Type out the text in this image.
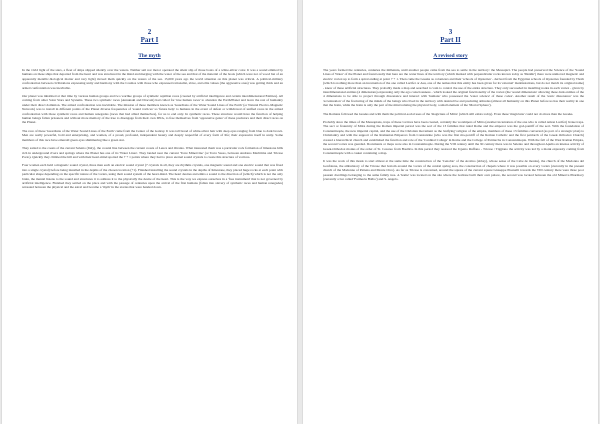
2
Part I
The myth

In the vivid light of the stars, a fleet of ships slipped silently over the waters. Neither sail nor motor operated the silent slip of those boats of a white-silver color. It was a sound emitted by humans on these ships that departed from the heart and was structured in the mind and merging with the water of the sea and that of the material of the boats (which were not of wood but of an apparently metallic-biological matter and very light) moved them quickly on the waters of the sea. 15,000 years ago the world situation on this planet was critical. A political-military confrontation between civilizations expressing unity and harmony with the Cosmos with those who expressed rationalist, slave, and elite values (the aggressive ones) was getting thick and an armed confrontation was inevitable.

Our planet was inhabited at that time by various human groups and two warlike groups of synthetic reptilian races (created by artificial intelligence and certain interdimensional Entities). All coming from other Solar Stars and Systems. These two synthetic races (Annunaki and Draconi) had called for 'true human races' to abandon the Earth/Planet and leave the rest of humanity under their direct dominion. The armed confrontation was inevitable. The mission of these members known as 'Guardians of the Water Sound Lines of the Earth' (or Natural Electro-Magnetic Network) was to install in different points of the Planet diverse frequencies of 'sound vortices' so 'future help' to humans in the event of defeat or withdrawal of unified races in the armed confrontation with those synthetic races and human renegades (races that had allied themselves), for us to end only. In synthetic races. These structure would have the function of helping human beings fallen prisoners and without more memory of the true to disengage from their own DNA, to free themselves from 'oppressive genre' of these predators and their direct races on the Planet.

The race of these 'Guardians of the Water Sound Lines of the Earth' came from the Center of the Galaxy. It was tall bread of white-silver hair with deep eyes ranging from blue to dark brown. Men are really powerful, bold and enterprising, and women, of a proud, profound, independent beauty and deeply respectful of every form of life; their expressive itself in unity. Some members of this race have emerald green eyes shimmering like a green star.

They sailed to the coasts of the current Salento (Italy), the coastal line between the current coasts of Leuca and Otranto. What interested them was a particular rock formation of limestone hills rich in underground rivers and springs where the Planet has one of its 'Water Lines'. They landed near the current 'Torre Minervino' (or Torre Sasso, between Andrano Marittima and Tricase Porto). Quickly they climbed the hill and with their heart-mind spotted the 7 + 1 points where they had to place eternal sound crystals to create this structure of vortices.

Four women each held a magnetic sound crystal, three men each an electric sound crystal (7 crystals in all, they are rhythms crystals, one magnetic sound and one electric sound that was fixed into a single crystal) before being installed in the depths of the chosen location (+1). Finished installing the sound crystals in the depths of limestone, they placed huge rocks at each point with particular shape depending on the specific nature of the vortex, using their sound system of the heart-mind. The heart desires and emits a sound to the direction of (which) which is not the only brain, the mental listens to the sound and structures it to address it to the physically the desire of the heart. This is the way we express ourselves in a 'free instrument' that is not governed by artificial intelligence. Finished they settled on the place and with the passage of centuries upon the arrival of the first humans (fallen into slavery of synthetic races and human renegades) retreated between the physical and the astral and became a 'myth' in the stories that were handed down.

3
Part II
A revised story

The years formed the centuries, centuries the millennia, until another people came from the sea to settle in the territory: the Messapici. The people had preserved the Science of the 'Sound Lines of Water' of the Planet and found easily that here are the water lines of the territory (which marked with perpendicular rocks known today as 'Menhir') there were unmoved magnetic and electric vortex up to form a spiral ending at point 7 + 1. Then came the Greeks as colonizers and their 'schools of mysteries' - derived from the Egyptian schools of mysteries founded by Thoth (which is nothing more than an incarnation of the one called Lucifer or Asu, one of the names that this entity has been given for its 'external' manifestations, but do not match its original name) - knew of these artificial structures. They probably made a map and searched to vain to control the use of the entire structure. They only succeeded in installing nodes in each vertex - given by interdimensional entities (4 dimensions) expressing only the ego consciousness - which looked the original functionality of the vortex (the 'sound dimensions' allowing these dark entities of the 4 dimensions to be able to project through dissonance and interact with 'humans' who possessed the 'water science' of these codes'. Another result of the 'sonic dissonance' was the 'accentuation' of the fracturing of the minds of the beings who lived in the territory with destructive and predating attitudes (almost all humanity on this Planet before us has their reality in one that the brain, while the brain is only the part of the mind relating the physical body, a small element of the 'Mortal Sphere').

The Romans followed the Greeks and with them the political-social uses of the 'magicians of Mitra' (which still exists today). Even these 'magicians' could not do more than the Greeks.

Probably since the times of the Messapians, traps of these vortices have been created, certainly the worshipers of Mitra (another incarnation of the one who is called Amon Lucifer) broke traps. The sect or fraternity of Mitra during the Roman imperial period was the sect of the 13 families that ruled Rome and the emperor was the god-pontiff of the sect. With the foundation of Constantinople, the new imperial capital, and the use of the Christian movement as the 'unifying' religion of the empire, members of these 13 families converted (as part of a strategic plan) to Christianity and with the support of the Romanian Emperors from Constantine (who was the first ma-pontiff of the Roman Catholic and the first patriarch of the Greek Orthodox Church) created a hierarchical church and established the function and role of the 'Cardinal College' in Rome and the College of Patriarchs in Constantinople. With the fall of the West Roman Empire, the second vortex was guarded. Documents or maps were also in Constantinople. During the VIII century until the XI century there was in Salento and throughout Apulia an intense activity of Greek-Orthodox monks of the order of St. Cesareo from Basilica. In this period they restored the Ugento Ruffano - Tricase / Tiggiano the activity was led by a monk expressly coming from Constantinople with a casket containing a map.

It was the work of this monk to start almost at the same time the construction of the 'Cenobio' of the Arotino (abbey), whose sense of the Cabe de monks), the church of the Madonna del Gonfalone, the ambulatory of the Tricase that bottom around the vortex of the central spring area, the construction of chapels where it was possible on every vortex (currently in the present church of the Madonna of Pattena and Monte Orco). As far as Tricase is concerned, around the square of the current square Giuseppe Pisanelli towards the VIII century there were three poor peasant dwellings belonging to the same family tree. A 'home' was located on the site where the Gallone built their own palace, the second was located between the old Minerva Pharmacy (currently a bar called 'Farmacia Balbo') and S. Angelo.
